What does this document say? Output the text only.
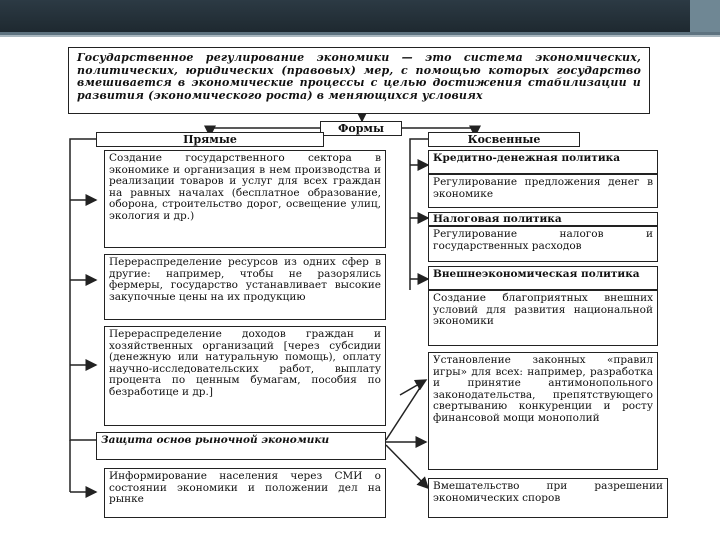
Государственное регулирование экономики — это система экономических, политических, юридических (правовых) мер, с помощью которых государство вмешивается в экономические процессы с целью достижения стабилизации и развития (экономического роста) в меняющихся условиях
Формы
Прямые	Косвенные
Создание государственного сектора в экономике и организация в нем производства и реализации товаров и услуг для всех граждан на равных началах (бесплатное образование, оборона, строительство дорог, освещение улиц, экология и др.)
Перераспределение ресурсов из одних сфер в другие: например, чтобы не разорялись фермеры, государство устанавливает высокие закупочные цены на их продукцию
Перераспределение доходов граждан и хозяйственных организаций [через субсидии (денежную или натуральную помощь), оплату научно-исследовательских работ, выплату процента по ценным бумагам, пособия по безработице и др.]
Защита основ рыночной экономики
Информирование населения через СМИ о состоянии экономики и положении дел на рынке
Кредитно-денежная политика
Регулирование предложения денег в экономике
Налоговая политика
Регулирование налогов и государственных расходов
Внешнеэкономическая политика
Создание благоприятных внешних условий для развития национальной экономики
Установление законных «правил игры» для всех: например, разработка и принятие антимонопольного законодательства, препятствующего свертыванию конкуренции и росту финансовой мощи монополий
Вмешательство при разрешении экономических споров
